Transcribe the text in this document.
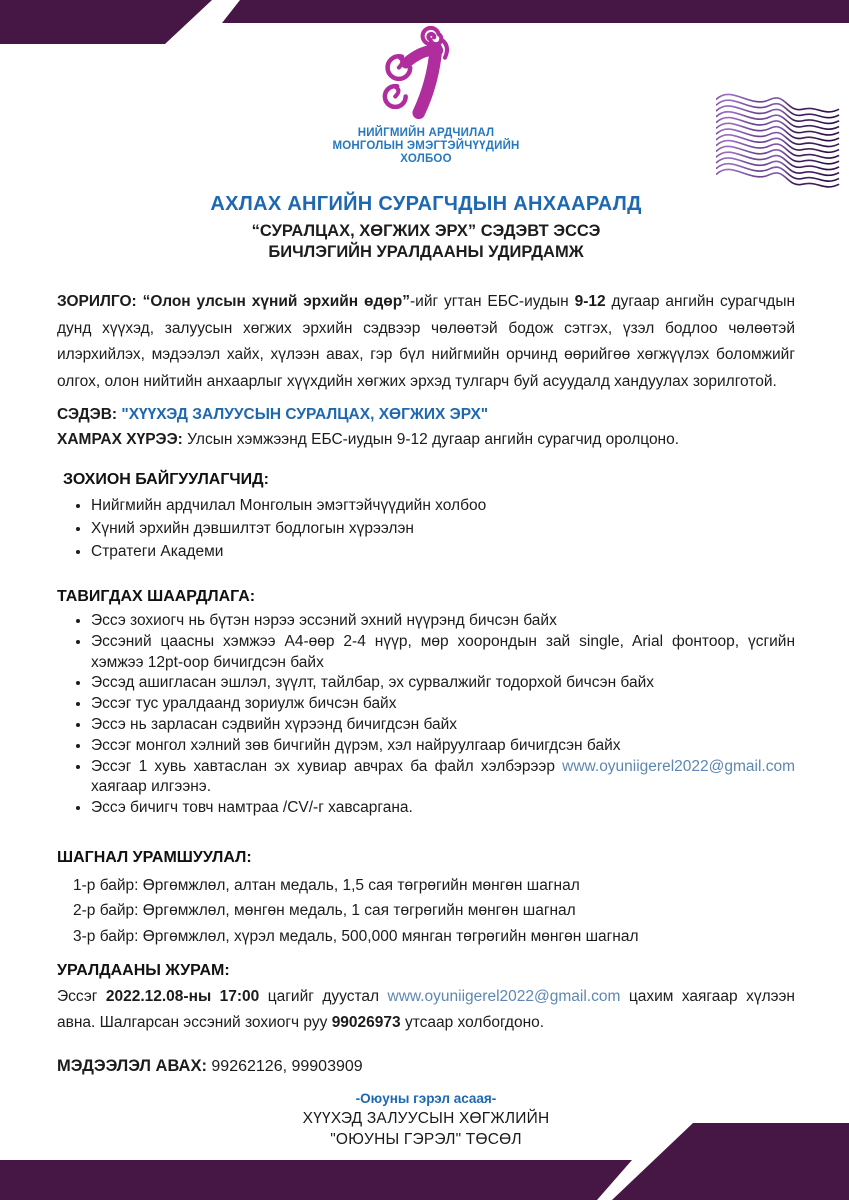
НИЙГМИЙН АРДЧИЛАЛ
МОНГОЛЫН ЭМЭГТЭЙЧҮҮДИЙН
ХОЛБОО
АХЛАХ АНГИЙН СУРАГЧДЫН АНХААРАЛД
“СУРАЛЦАХ, ХӨГЖИХ ЭРХ” СЭДЭВТ ЭССЭ
БИЧЛЭГИЙН УРАЛДААНЫ УДИРДАМЖ

ЗОРИЛГО: “Олон улсын хүний эрхийн өдөр”-ийг угтан ЕБС-иудын 9-12 дугаар ангийн сурагчдын дунд хүүхэд, залуусын хөгжих эрхийн сэдвээр чөлөөтэй бодож сэтгэх, үзэл бодлоо чөлөөтэй илэрхийлэх, мэдээлэл хайх, хүлээн авах, гэр бүл нийгмийн орчинд өөрийгөө хөгжүүлэх боломжийг олгох, олон нийтийн анхаарлыг хүүхдийн хөгжих эрхэд тулгарч буй асуудалд хандуулах зорилготой.

СЭДЭВ: "ХҮҮХЭД ЗАЛУУСЫН СУРАЛЦАХ, ХӨГЖИХ ЭРХ"

ХАМРАХ ХҮРЭЭ: Улсын хэмжээнд ЕБС-иудын 9-12 дугаар ангийн сурагчид оролцоно.

ЗОХИОН БАЙГУУЛАГЧИД:
• Нийгмийн ардчилал Монголын эмэгтэйчүүдийн холбоо
• Хүний эрхийн дэвшилтэт бодлогын хүрээлэн
• Стратеги Академи
ТАВИГДАХ ШААРДЛАГА:
• Эссэ зохиогч нь бүтэн нэрээ эссэний эхний нүүрэнд бичсэн байх
• Эссэний цаасны хэмжээ А4-өөр 2-4 нүүр, мөр хоорондын зай single, Arial фонтоор, үсгийн хэмжээ 12pt-оор бичигдсэн байх
• Эссэд ашигласан эшлэл, зүүлт, тайлбар, эх сурвалжийг тодорхой бичсэн байх
• Эссэг тус уралдаанд зориулж бичсэн байх
• Эссэ нь зарласан сэдвийн хүрээнд бичигдсэн байх
• Эссэг монгол хэлний зөв бичгийн дүрэм, хэл найруулгаар бичигдсэн байх
• Эссэг 1 хувь хавтаслан эх хувиар авчрах ба файл хэлбэрээр www.oyuniigerel2022@gmail.com хаягаар илгээнэ.
• Эссэ бичигч товч намтраа /CV/-г хавсаргана.
ШАГНАЛ УРАМШУУЛАЛ:
1-р байр: Өргөмжлөл, алтан медаль, 1,5 сая төгрөгийн мөнгөн шагнал
2-р байр: Өргөмжлөл, мөнгөн медаль, 1 сая төгрөгийн мөнгөн шагнал
3-р байр: Өргөмжлөл, хүрэл медаль, 500,000 мянган төгрөгийн мөнгөн шагнал
УРАЛДААНЫ ЖУРАМ:

Эссэг 2022.12.08-ны 17:00 цагийг дуустал www.oyuniigerel2022@gmail.com цахим хаягаар хүлээн авна. Шалгарсан эссэний зохиогч руу 99026973 утсаар холбогдоно.

МЭДЭЭЛЭЛ АВАХ: 99262126, 99903909

-Оюуны гэрэл асаая-
ХҮҮХЭД ЗАЛУУСЫН ХӨГЖЛИЙН
"ОЮУНЫ ГЭРЭЛ" ТӨСӨЛ
